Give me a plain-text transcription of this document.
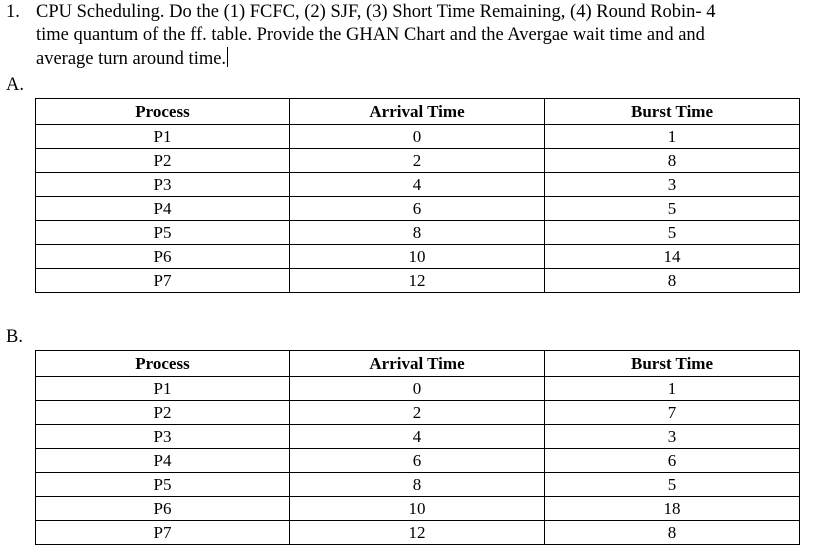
1. CPU Scheduling. Do the (1) FCFC, (2) SJF, (3) Short Time Remaining, (4) Round Robin- 4
time quantum of the ff. table. Provide the GHAN Chart and the Avergae wait time and and
average turn around time.
A.
Process	Arrival Time	Burst Time
P1	0	1
P2	2	8
P3	4	3
P4	6	5
P5	8	5
P6	10	14
P7	12	8
B.
Process	Arrival Time	Burst Time
P1	0	1
P2	2	7
P3	4	3
P4	6	6
P5	8	5
P6	10	18
P7	12	8
